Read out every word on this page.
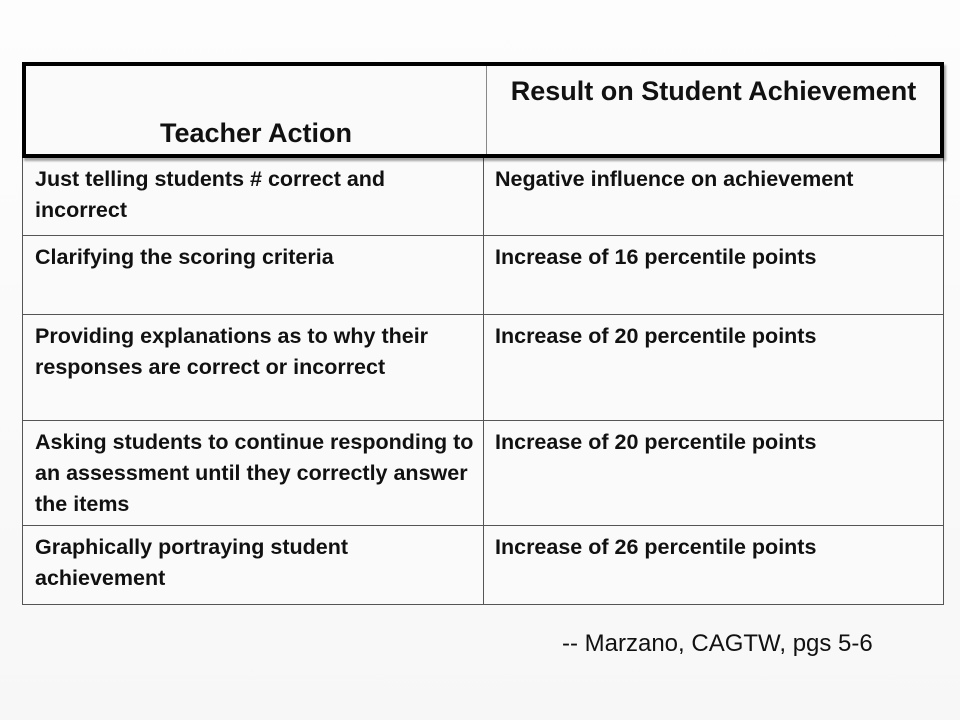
Teacher Action
Result on Student Achievement
Just telling students # correct and incorrect
Negative influence on achievement
Clarifying the scoring criteria	Increase of 16 percentile points
Providing explanations as to why their responses are correct or incorrect
Increase of 20 percentile points
Asking students to continue responding to an assessment until they correctly answer the items
Increase of 20 percentile points
Graphically portraying student achievement
Increase of 26 percentile points
-- Marzano, CAGTW, pgs 5-6
